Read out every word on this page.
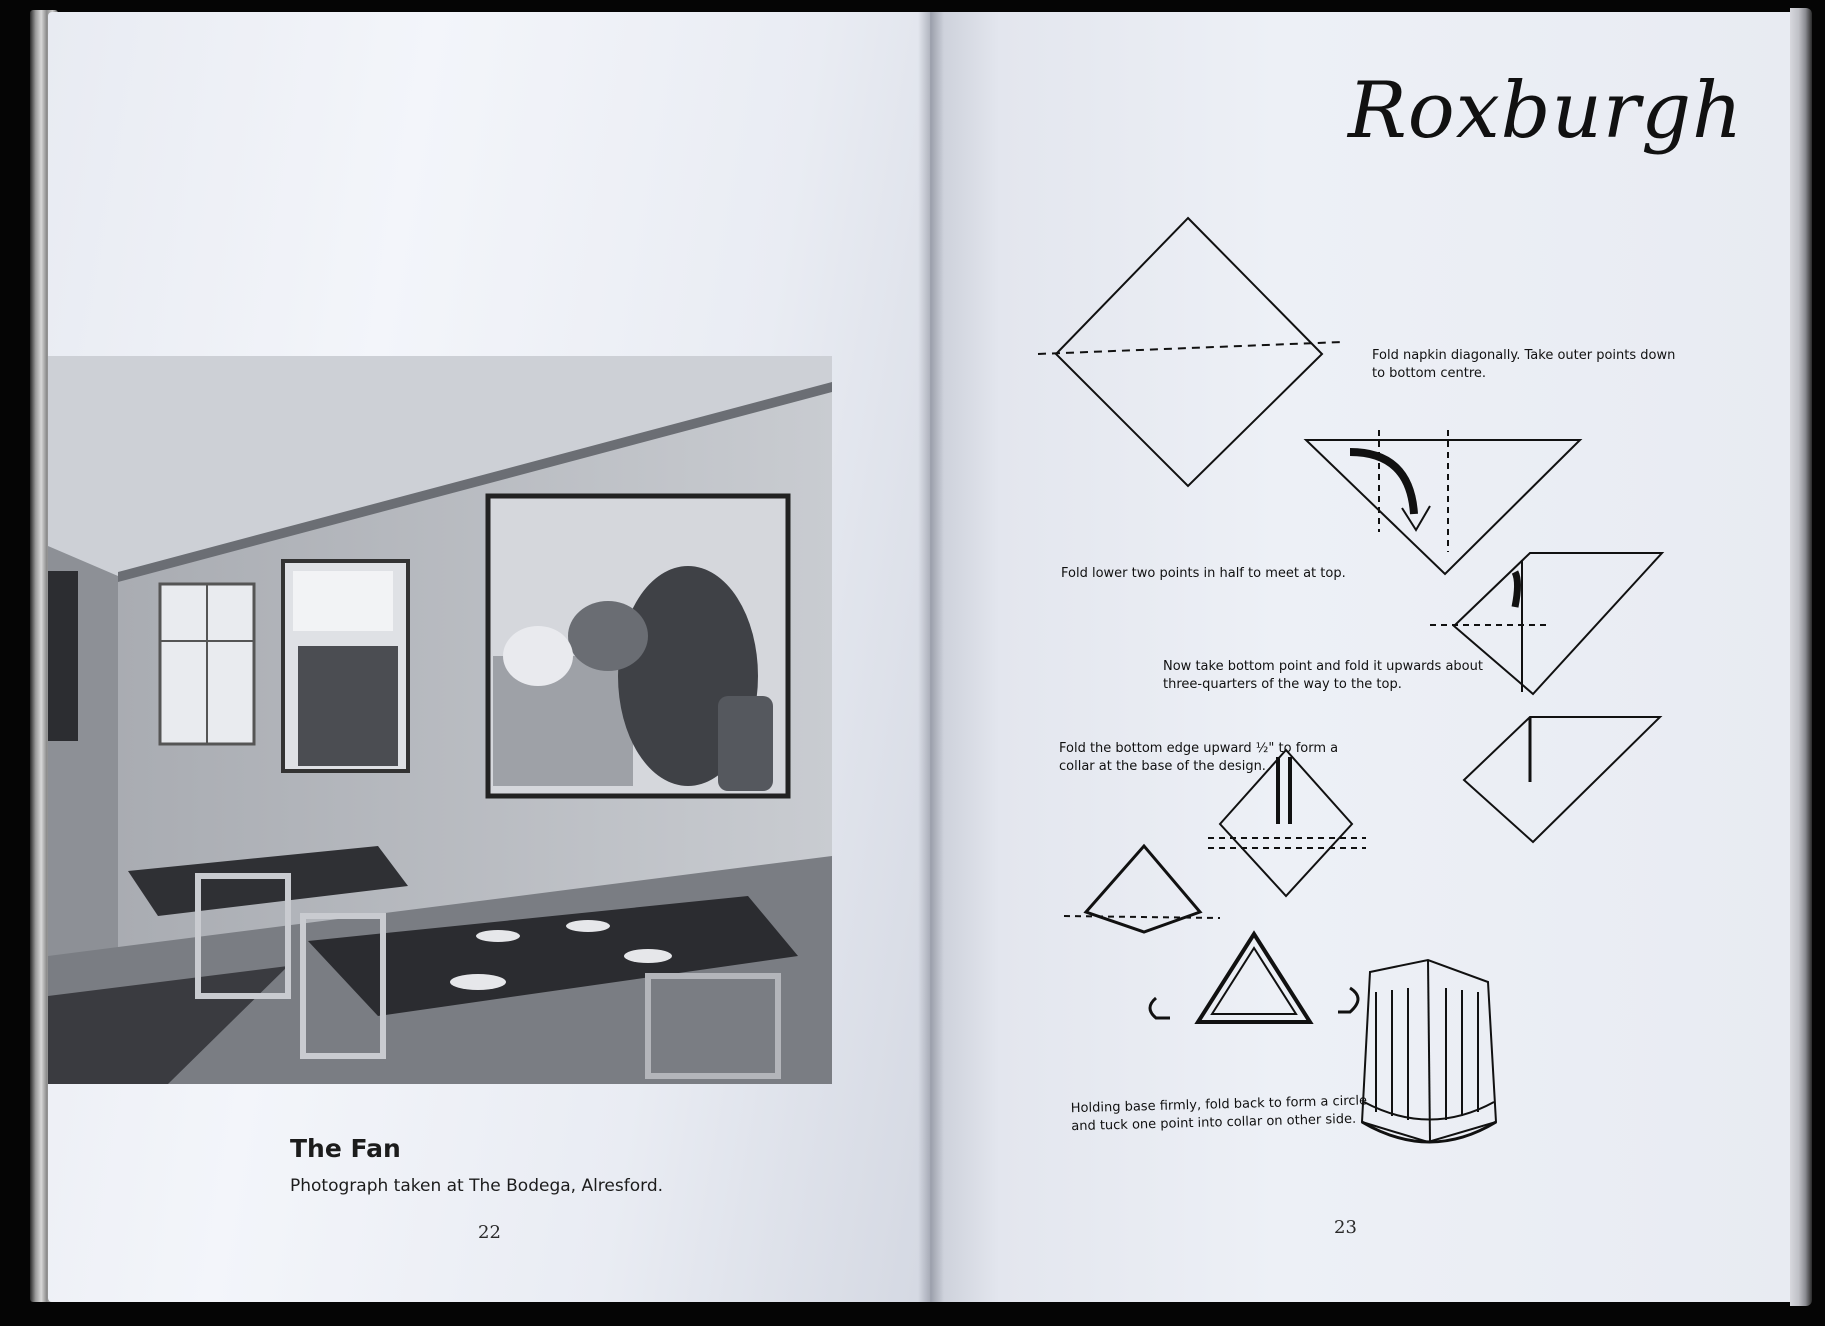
The Fan

Photograph taken at The Bodega, Alresford.

22

Roxburgh

Fold napkin diagonally. Take outer points down to bottom centre.

Fold lower two points in half to meet at top.

Now take bottom point and fold it upwards about three-quarters of the way to the top.

Fold the bottom edge upward ½" to form a collar at the base of the design.

Holding base firmly, fold back to form a circle and tuck one point into collar on other side.

23
